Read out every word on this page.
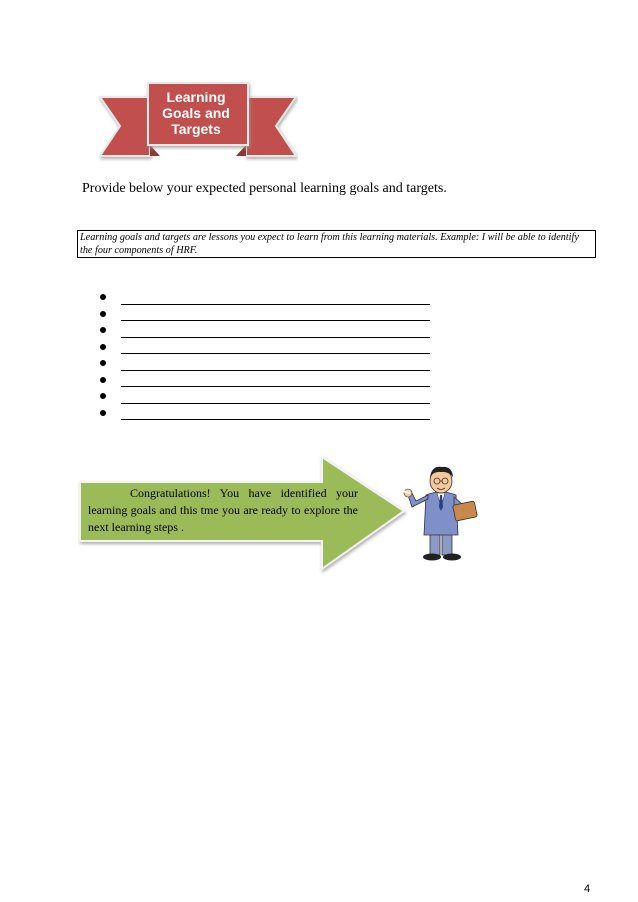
Learning
Goals and
Targets
Provide below your expected personal learning goals and targets.
Learning goals and targets are lessons you expect to learn from this learning materials. Example: I will be able to identify the four components of HRF.
Congratulations! You have identified your learning goals and this tme you are ready to explore the next learning steps .
4
